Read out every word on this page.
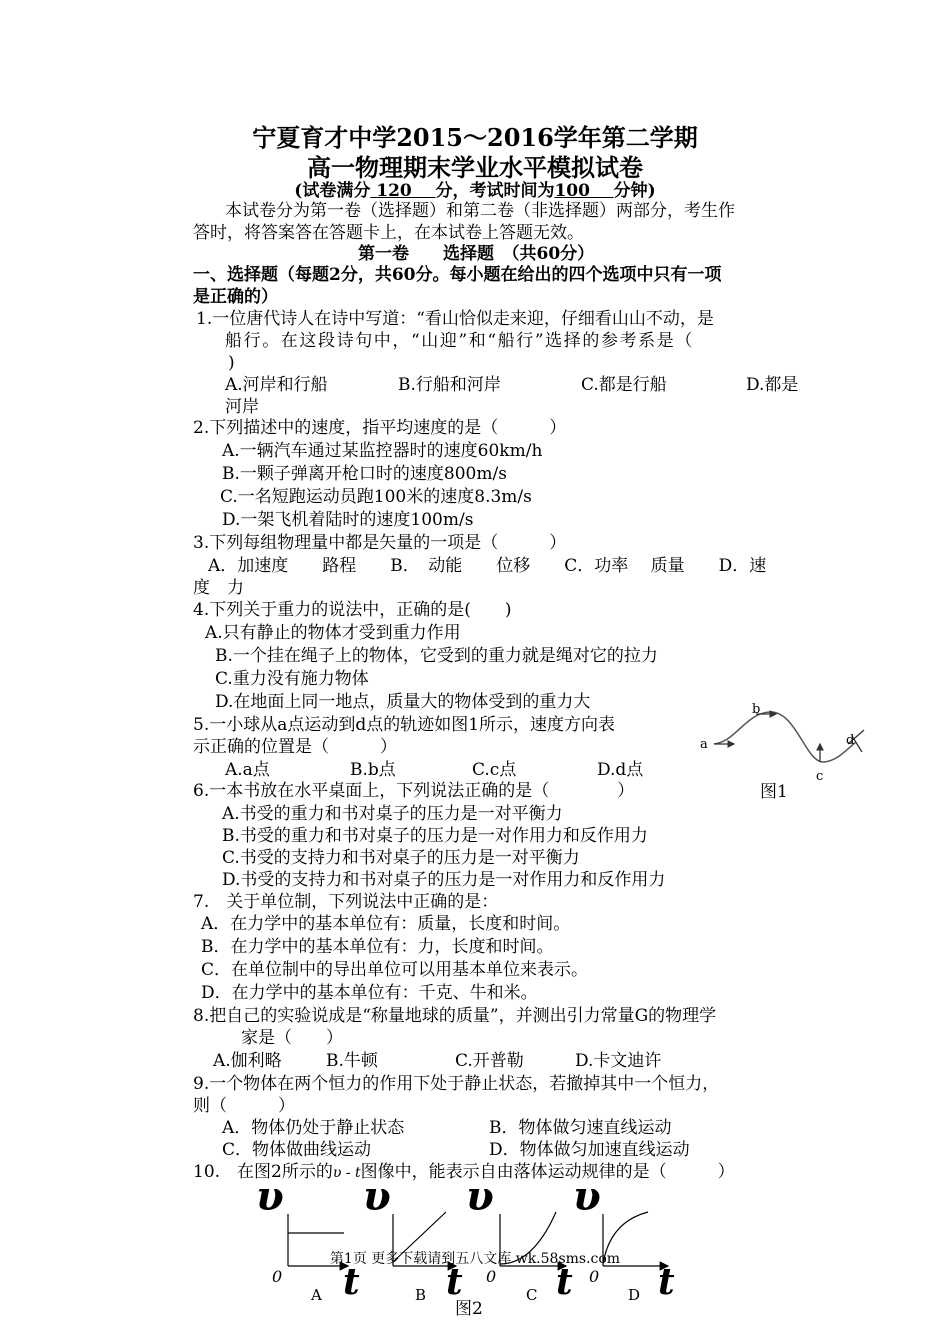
宁夏育才中学2015～2016学年第二学期
高一物理期末学业水平模拟试卷
(试卷满分 120 分，考试时间为100 分钟)
本试卷分为第一卷（选择题）和第二卷（非选择题）两部分，考生作
答时，将答案答在答题卡上，在本试卷上答题无效。
第一卷　　选择题　（共60分）
一、选择题（每题2分，共60分。每小题在给出的四个选项中只有一项
是正确的）
1.一位唐代诗人在诗中写道：“看山恰似走来迎，仔细看山山不动，是
船行。在这段诗句中，“山迎”和“船行”选择的参考系是（
)
A.河岸和行船	B.行船和河岸	C.都是行船	D.都是
河岸
2.下列描述中的速度，指平均速度的是（　　　）
A.一辆汽车通过某监控器时的速度60km/h
B.一颗子弹离开枪口时的速度800m/s
C.一名短跑运动员跑100米的速度8.3m/s
D.一架飞机着陆时的速度100m/s
3.下列每组物理量中都是矢量的一项是（　　　）
A．加速度　　路程　　B．　动能　　位移　　C．功率　 质量　　D．速
度　力
4.下列关于重力的说法中，正确的是(　　)
A.只有静止的物体才受到重力作用
B.一个挂在绳子上的物体，它受到的重力就是绳对它的拉力
C.重力没有施力物体
D.在地面上同一地点，质量大的物体受到的重力大
5.一小球从a点运动到d点的轨迹如图1所示，速度方向表
示正确的位置是（　　　）
A.a点	B.b点	C.c点	D.d点
a
b
c
d
图1
6.一本书放在水平桌面上，下列说法正确的是（　　　　）
A.书受的重力和书对桌子的压力是一对平衡力
B.书受的重力和书对桌子的压力是一对作用力和反作用力
C.书受的支持力和书对桌子的压力是一对平衡力
D.书受的支持力和书对桌子的压力是一对作用力和反作用力
7.　关于单位制，下列说法中正确的是：
A．在力学中的基本单位有：质量，长度和时间。
B．在力学中的基本单位有：力，长度和时间。
C．在单位制中的导出单位可以用基本单位来表示。
D．在力学中的基本单位有：千克、牛和米。
8.把自己的实验说成是“称量地球的质量”，并测出引力常量G的物理学
家是（　　）
A.伽利略	B.牛顿	C.开普勒	D.卡文迪许
9.一个物体在两个恒力的作用下处于静止状态，若撤掉其中一个恒力，
则（　　　）
A．物体仍处于静止状态	B．物体做匀速直线运动
C．物体做曲线运动	D．物体做匀加速直线运动
10.　在图2所示的υ - t图像中，能表示自由落体运动规律的是（　　　）
υ
0 t
A
υ
t
B
υ
0 t
C
υ
0 t
D
第1页 更多下载请到五八文库 wk.58sms.com
图2
